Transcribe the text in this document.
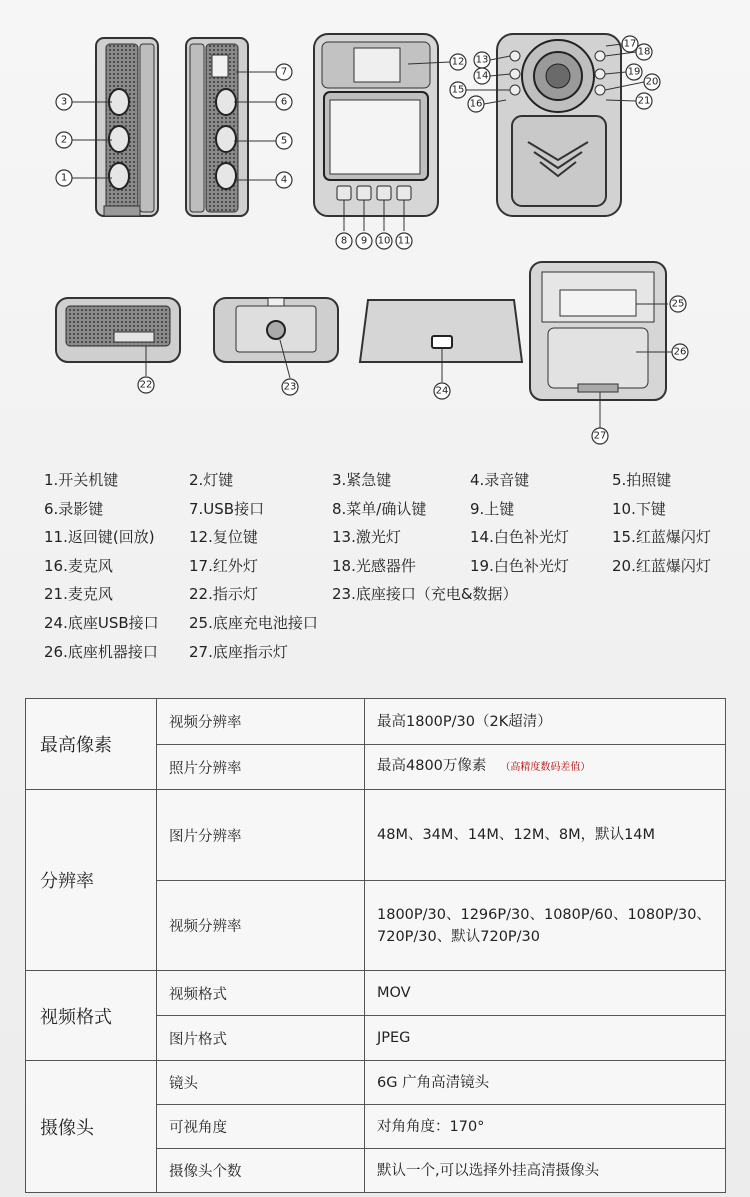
1
2
3
4
5
6
7
8 9 10 11
12 13
14
15
16
17
18
19
20
21
22	23	24
25
26
27
1.开关机键	2.灯键	3.紧急键	4.录音键	5.拍照键
6.录影键	7.USB接口	8.菜单/确认键	9.上键	10.下键
11.返回键(回放) 12.复位键	13.激光灯	14.白色补光灯	15.红蓝爆闪灯
16.麦克风	17.红外灯	18.光感器件	19.白色补光灯	20.红蓝爆闪灯
21.麦克风	22.指示灯	23.底座接口（充电&数据）
24.底座USB接口 25.底座充电池接口
26.底座机器接口 27.底座指示灯
最高像素	视频分辨率	最高1800P/30（2K超清）
	照片分辨率	最高4800万像素 （高精度数码差值）
分辨率	图片分辨率	48M、34M、14M、12M、8M，默认14M
	视频分辨率	1800P/30、1296P/30、1080P/60、1080P/30、
720P/30、默认720P/30
视频格式	视频格式	MOV
	图片格式	JPEG
摄像头	镜头	6G 广角高清镜头
	可视角度	对角角度：170°
	摄像头个数	默认一个,可以选择外挂高清摄像头
